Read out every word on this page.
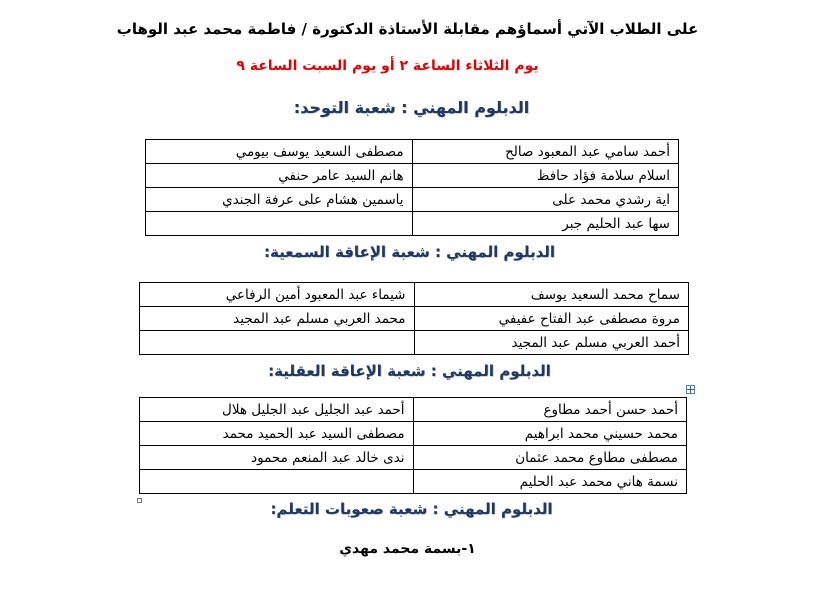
على الطلاب الآتي أسماؤهم مقابلة الأستاذة الدكتورة / فاطمة محمد عبد الوهاب
يوم الثلاثاء الساعة ٢ أو يوم السبت الساعة ٩
الدبلوم المهني : شعبة التوحد:
أحمد سامي عبد المعبود صالح	مصطفى السعيد يوسف بيومي
اسلام سلامة فؤاد حافظ	هانم السيد عامر حنفي
اية رشدي محمد على	ياسمين هشام على عرفة الجندي
سها عبد الحليم جبر	
الدبلوم المهني : شعبة الإعاقة السمعية:
سماح محمد السعيد يوسف	شيماء عبد المعبود أمين الرفاعي
مروة مصطفى عبد الفتاح عفيفي	محمد العربي مسلم عبد المجيد
أحمد العربي مسلم عبد المجيد	
الدبلوم المهني : شعبة الإعاقة العقلية:
أحمد حسن أحمد مطاوع	أحمد عبد الجليل عبد الجليل هلال
محمد حسيني محمد ابراهيم	مصطفى السيد عبد الحميد محمد
مصطفى مطاوع محمد عثمان	ندى خالد عبد المنعم محمود
نسمة هاني محمد عبد الحليم	
الدبلوم المهني : شعبة صعوبات التعلم:
١-بسمة محمد مهدي
